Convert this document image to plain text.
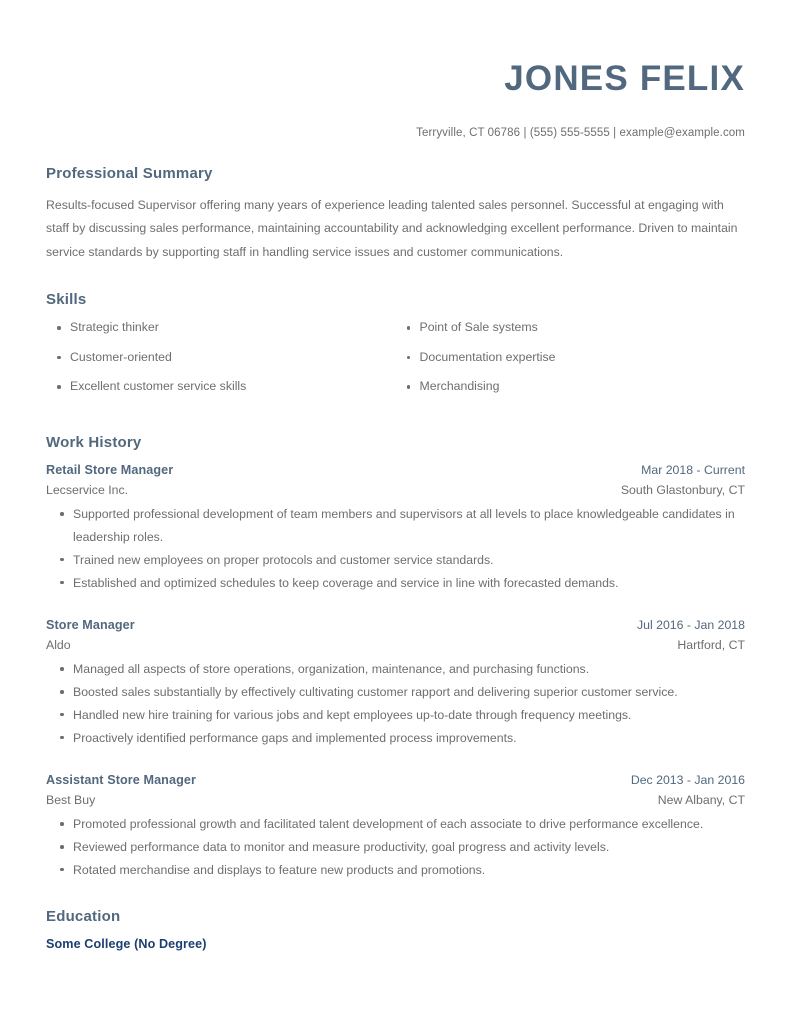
JONES FELIX
Terryville, CT 06786 | (555) 555-5555 | example@example.com
Professional Summary

Results-focused Supervisor offering many years of experience leading talented sales personnel. Successful at engaging with staff by discussing sales performance, maintaining accountability and acknowledging excellent performance. Driven to maintain service standards by supporting staff in handling service issues and customer communications.

Skills
Strategic thinker
Customer-oriented
Excellent customer service skills
Point of Sale systems
Documentation expertise
Merchandising
Work History
Retail Store Manager	Mar 2018 - Current
Lecservice Inc.	South Glastonbury, CT
Supported professional development of team members and supervisors at all levels to place knowledgeable candidates in leadership roles.
Trained new employees on proper protocols and customer service standards.
Established and optimized schedules to keep coverage and service in line with forecasted demands.
Store Manager	Jul 2016 - Jan 2018
Aldo	Hartford, CT
Managed all aspects of store operations, organization, maintenance, and purchasing functions.
Boosted sales substantially by effectively cultivating customer rapport and delivering superior customer service.
Handled new hire training for various jobs and kept employees up-to-date through frequency meetings.
Proactively identified performance gaps and implemented process improvements.
Assistant Store Manager	Dec 2013 - Jan 2016
Best Buy	New Albany, CT
Promoted professional growth and facilitated talent development of each associate to drive performance excellence.
Reviewed performance data to monitor and measure productivity, goal progress and activity levels.
Rotated merchandise and displays to feature new products and promotions.
Education
Some College (No Degree)
